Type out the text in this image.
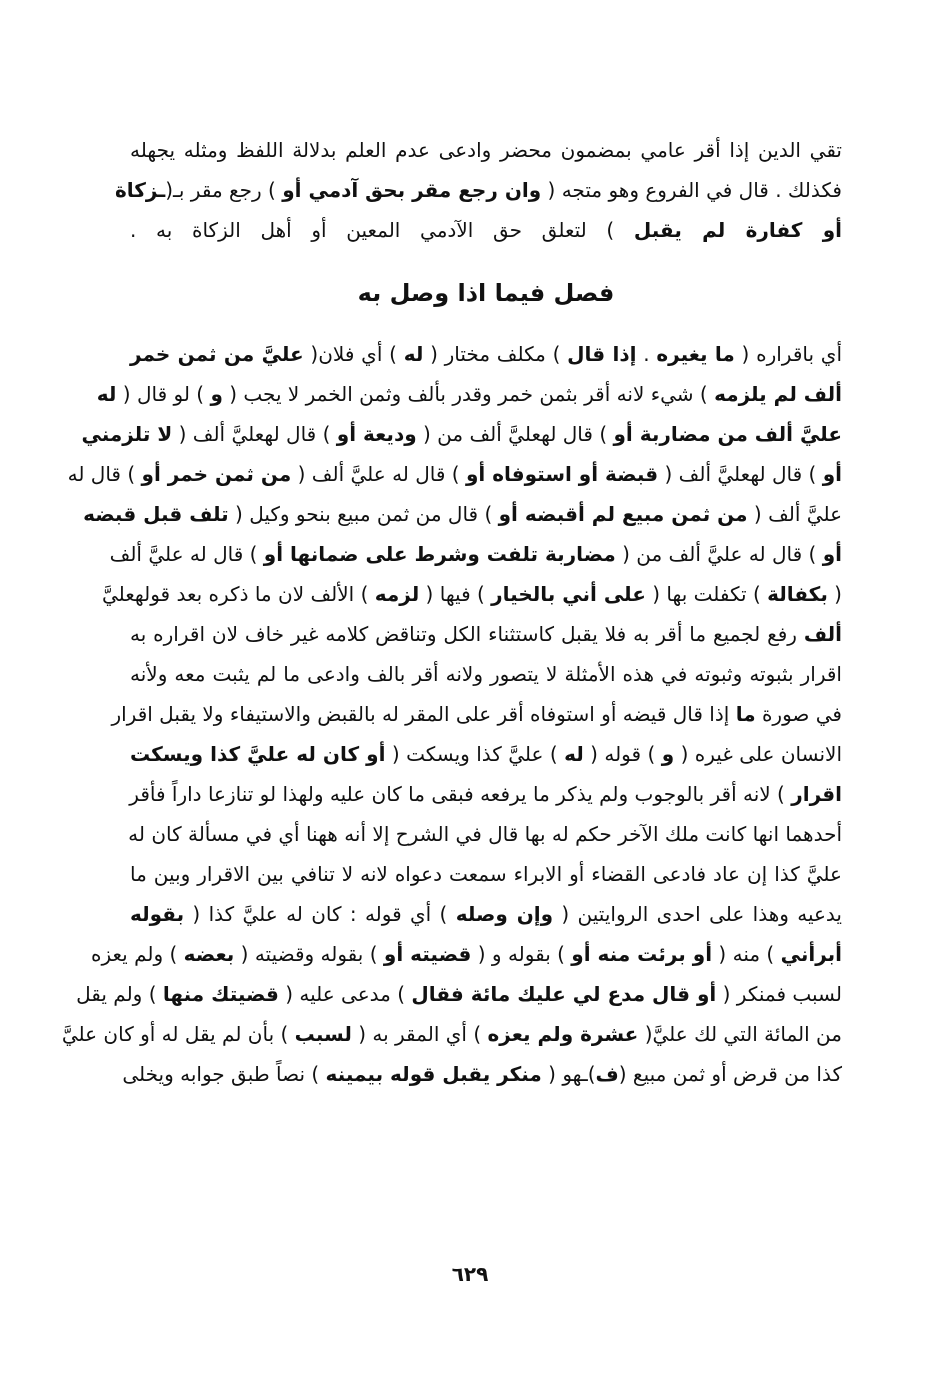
تقي الدين إذا أقر عامي بمضمون محضر وادعى عدم العلم بدلالة اللفظ ومثله يجهله
فكذلك . قال في الفروع وهو متجه ( وان رجع مقر بحق آدمي أو ) رجع مقر بـ(ـزكاة
أو كفارة لم يقبل ) لتعلق حق الآدمي المعين أو أهل الزكاة به .
فصل فيما اذا وصل به
أي باقراره ( ما يغيره . إذا قال ) مكلف مختار ( له ) أي فلان( عليَّ من ثمن خمر
ألف لم يلزمه ) شيء لانه أقر بثمن خمر وقدر بألف وثمن الخمر لا يجب ( و ) لو قال ( له
عليَّ ألف من مضاربة أو ) قال لهعليَّ ألف من ( وديعة أو ) قال لهعليَّ ألف ( لا تلزمني
أو ) قال لهعليَّ ألف ( قبضة أو استوفاه أو ) قال له عليَّ ألف ( من ثمن خمر أو ) قال له
عليَّ ألف ( من ثمن مبيع لم أقبضه أو ) قال من ثمن مبيع بنحو وكيل ( تلف قبل قبضه
أو ) قال له عليَّ ألف من ( مضاربة تلفت وشرط على ضمانها أو ) قال له عليَّ ألف
( بكفالة ) تكفلت بها ( على أني بالخيار ) فيها ( لزمه ) الألف لان ما ذكره بعد قولهعليَّ
ألف رفع لجميع ما أقر به فلا يقبل كاستثناء الكل وتناقض كلامه غير خاف لان اقراره به
اقرار بثبوته وثبوته في هذه الأمثلة لا يتصور ولانه أقر بالف وادعى ما لم يثبت معه ولأنه
في صورة ما إذا قال قيضه أو استوفاه أقر على المقر له بالقبض والاستيفاء ولا يقبل اقرار
الانسان على غيره ( و ) قوله ( له ) عليَّ كذا ويسكت ( أو كان له عليَّ كذا ويسكت
اقرار ) لانه أقر بالوجوب ولم يذكر ما يرفعه فبقى ما كان عليه ولهذا لو تنازعا داراً فأقر
أحدهما انها كانت ملك الآخر حكم له بها قال في الشرح إلا أنه ههنا أي في مسألة كان له
عليَّ كذا إن عاد فادعى القضاء أو الابراء سمعت دعواه لانه لا تنافي بين الاقرار وبين ما
يدعيه وهذا على احدى الروايتين ( وإن وصله ) أي قوله : كان له عليَّ كذا ( بقوله
أبرأني ) منه ( أو برئت منه أو ) بقوله و ( قضيته أو ) بقوله وقضيته ( بعضه ) ولم يعزه
لسبب فمنكر ( أو قال مدع لي عليك مائة فقال ) مدعى عليه ( قضيتك منها ) ولم يقل
من المائة التي لك عليَّ( عشرة ولم يعزه ) أي المقر به ( لسبب ) بأن لم يقل له أو كان عليَّ
كذا من قرض أو ثمن مبيع (ف)ـهو ( منكر يقبل قوله بيمينه ) نصاً طبق جوابه ويخلى
٦٢٩
